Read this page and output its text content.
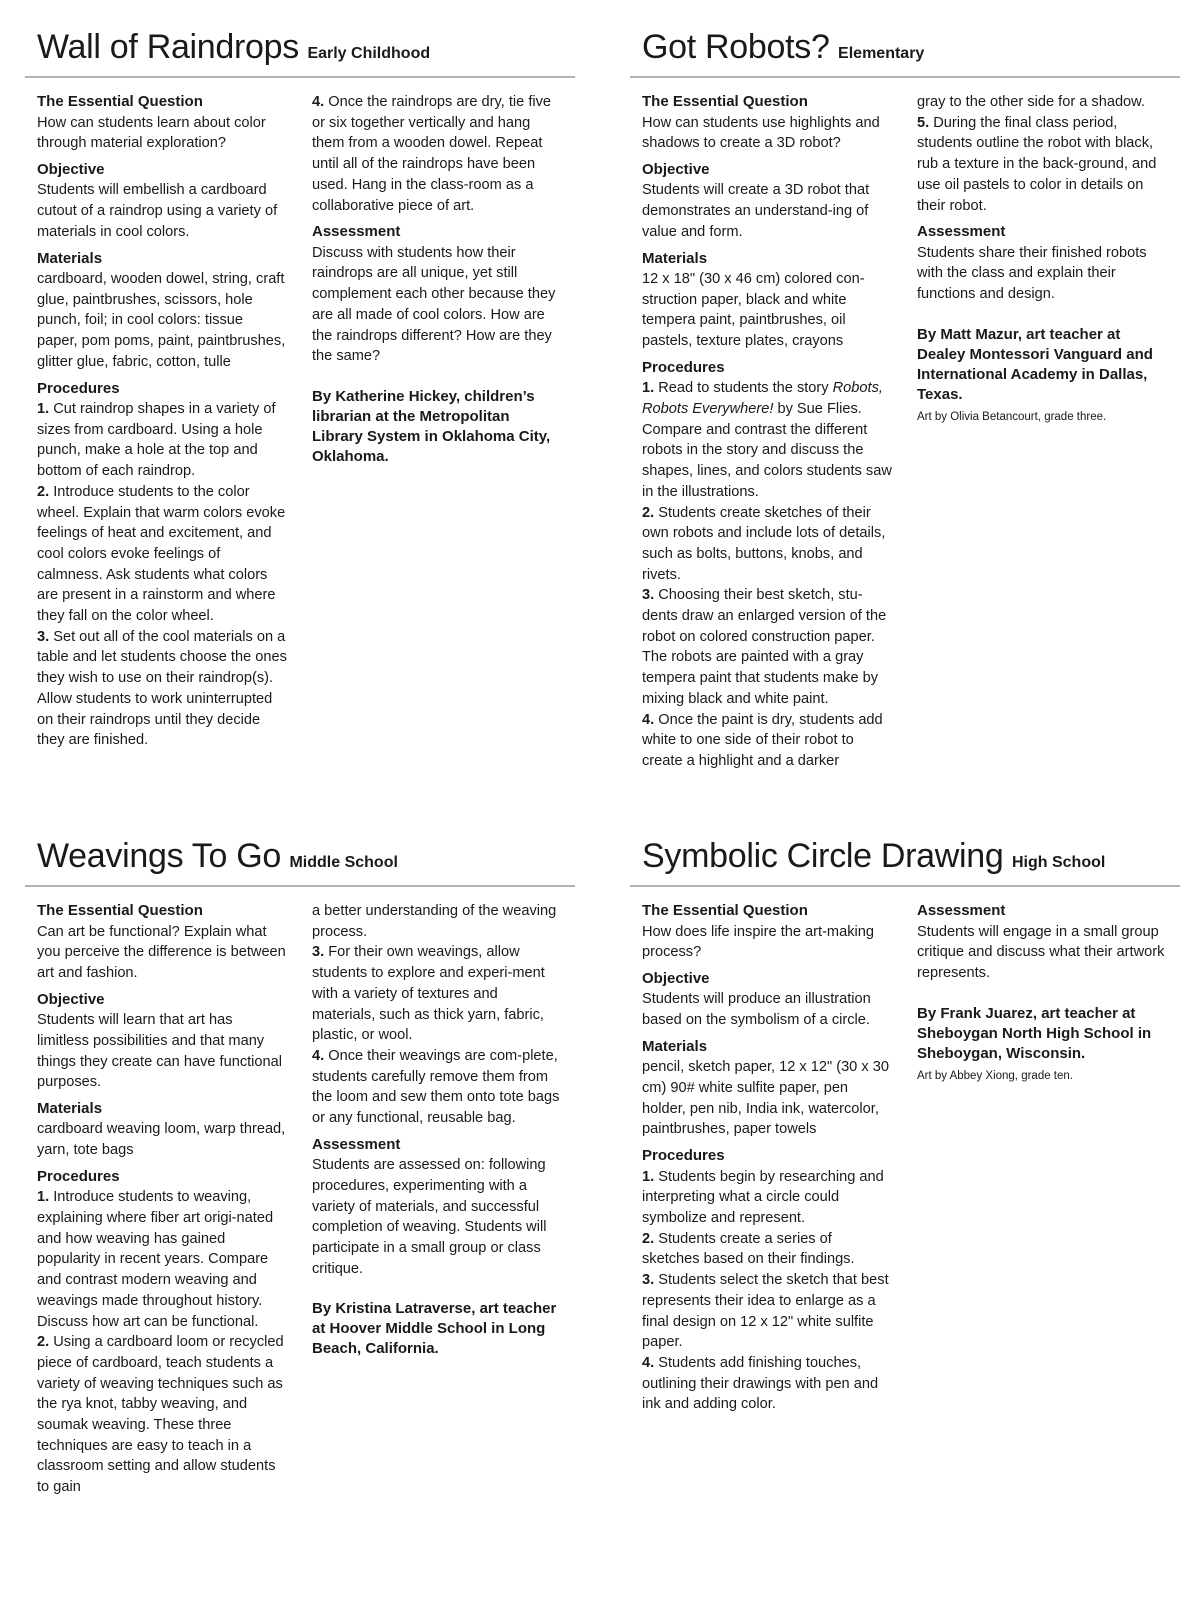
Wall of Raindrops Early Childhood
The Essential Question
How can students learn about color through material exploration?
Objective
Students will embellish a cardboard cutout of a raindrop using a variety of materials in cool colors.
Materials
cardboard, wooden dowel, string, craft glue, paintbrushes, scissors, hole punch, foil; in cool colors: tissue paper, pom poms, paint, paintbrushes, glitter glue, fabric, cotton, tulle
Procedures
1. Cut raindrop shapes in a variety of sizes from cardboard. Using a hole punch, make a hole at the top and bottom of each raindrop.
2. Introduce students to the color wheel. Explain that warm colors evoke feelings of heat and excitement, and cool colors evoke feelings of calmness. Ask students what colors are present in a rainstorm and where they fall on the color wheel.
3. Set out all of the cool materials on a table and let students choose the ones they wish to use on their raindrop(s). Allow students to work uninterrupted on their raindrops until they decide they are finished.
4. Once the raindrops are dry, tie five or six together vertically and hang them from a wooden dowel. Repeat until all of the raindrops have been used. Hang in the class-room as a collaborative piece of art.
Assessment
Discuss with students how their raindrops are all unique, yet still complement each other because they are all made of cool colors. How are the raindrops different? How are they the same?
By Katherine Hickey, children’s librarian at the Metropolitan Library System in Oklahoma City, Oklahoma.
Got Robots? Elementary
The Essential Question
How can students use highlights and shadows to create a 3D robot?
Objective
Students will create a 3D robot that demonstrates an understand-ing of value and form.
Materials
12 x 18" (30 x 46 cm) colored con-struction paper, black and white tempera paint, paintbrushes, oil pastels, texture plates, crayons
Procedures
1. Read to students the story Robots, Robots Everywhere! by Sue Flies. Compare and contrast the different robots in the story and discuss the shapes, lines, and colors students saw in the illustrations.
2. Students create sketches of their own robots and include lots of details, such as bolts, buttons, knobs, and rivets.
3. Choosing their best sketch, stu-dents draw an enlarged version of the robot on colored construction paper. The robots are painted with a gray tempera paint that students make by mixing black and white paint.
4. Once the paint is dry, students add white to one side of their robot to create a highlight and a darker
gray to the other side for a shadow.
5. During the final class period, students outline the robot with black, rub a texture in the back-ground, and use oil pastels to color in details on their robot.
Assessment
Students share their finished robots with the class and explain their functions and design.
By Matt Mazur, art teacher at Dealey Montessori Vanguard and International Academy in Dallas, Texas.
Art by Olivia Betancourt, grade three.
Weavings To Go Middle School
The Essential Question
Can art be functional? Explain what you perceive the difference is between art and fashion.
Objective
Students will learn that art has limitless possibilities and that many things they create can have functional purposes.
Materials
cardboard weaving loom, warp thread, yarn, tote bags
Procedures
1. Introduce students to weaving, explaining where fiber art origi-nated and how weaving has gained popularity in recent years. Compare and contrast modern weaving and weavings made throughout history. Discuss how art can be functional.
2. Using a cardboard loom or recycled piece of cardboard, teach students a variety of weaving techniques such as the rya knot, tabby weaving, and soumak weaving. These three techniques are easy to teach in a classroom setting and allow students to gain
a better understanding of the weaving process.
3. For their own weavings, allow students to explore and experi-ment with a variety of textures and materials, such as thick yarn, fabric, plastic, or wool.
4. Once their weavings are com-plete, students carefully remove them from the loom and sew them onto tote bags or any functional, reusable bag.
Assessment
Students are assessed on: following procedures, experimenting with a variety of materials, and successful completion of weaving. Students will participate in a small group or class critique.
By Kristina Latraverse, art teacher at Hoover Middle School in Long Beach, California.
Symbolic Circle Drawing High School
The Essential Question
How does life inspire the art-making process?
Objective
Students will produce an illustration based on the symbolism of a circle.
Materials
pencil, sketch paper, 12 x 12" (30 x 30 cm) 90# white sulfite paper, pen holder, pen nib, India ink, watercolor, paintbrushes, paper towels
Procedures
1. Students begin by researching and interpreting what a circle could symbolize and represent.
2. Students create a series of sketches based on their findings.
3. Students select the sketch that best represents their idea to enlarge as a final design on 12 x 12" white sulfite paper.
4. Students add finishing touches, outlining their drawings with pen and ink and adding color.
Assessment
Students will engage in a small group critique and discuss what their artwork represents.
By Frank Juarez, art teacher at Sheboygan North High School in Sheboygan, Wisconsin.
Art by Abbey Xiong, grade ten.
